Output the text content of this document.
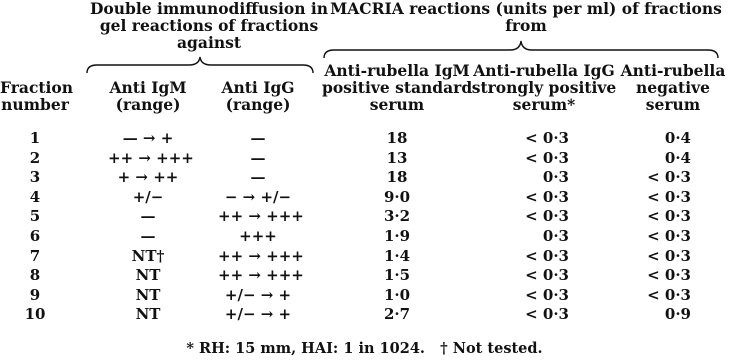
Double immunodiffusion in
gel reactions of fractions
against
MACRIA reactions (units per ml) of fractions
from
Fraction
number
Anti IgM
(range)
Anti IgG
(range)
Anti-rubella IgM
positive standard
serum
Anti-rubella IgG
strongly positive
serum*
Anti-rubella
negative
serum
1	— → +	—	18	< 0·3	0·4
2	++ → +++	—	13	< 0·3	0·4
3	+ → ++	—	18	0·3	< 0·3
4	+/−	− → +/−	9·0	< 0·3	< 0·3
5	—	++ → +++	3·2	< 0·3	< 0·3
6	—	+++	1·9	0·3	< 0·3
7	NT†	++ → +++	1·4	< 0·3	< 0·3
8	NT	++ → +++	1·5	< 0·3	< 0·3
9	NT	+/− → +	1·0	< 0·3	< 0·3
10	NT	+/− → +	2·7	< 0·3	0·9
* RH: 15 mm, HAI: 1 in 1024.   † Not tested.
